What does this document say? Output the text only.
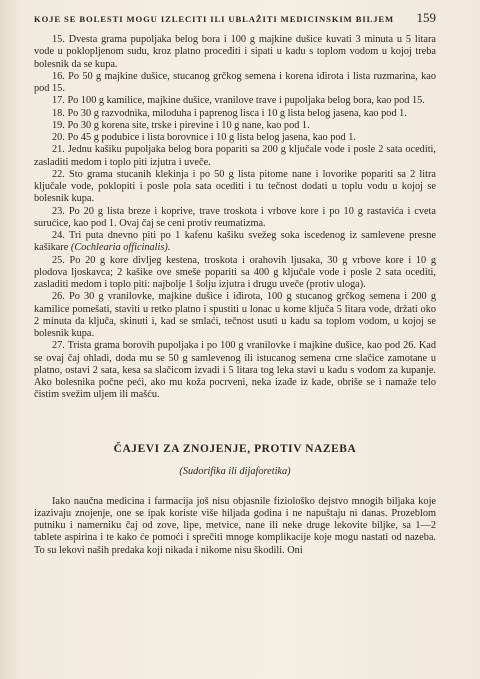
KOJE SE BOLESTI MOGU IZLECITI ILI UBLAŽITI MEDICINSKIM BILJEM 159

15. Dvesta grama pupoljaka belog bora i 100 g majkine dušice kuvati 3 minuta u 5 litara vode u poklopljenom sudu, kroz platno proceđiti i sipati u kadu s toplom vodom u kojoj treba bolesnik da se kupa.

16. Po 50 g majkine dušice, stucanog grčkog semena i korena iđirota i lista ruzmarina, kao pod 15.

17. Po 100 g kamilice, majkine dušice, vranilove trave i pupoljaka belog bora, kao pod 15.

18. Po 30 g razvodnika, miloduha i paprenog lisca i 10 g lista belog jasena, kao pod 1.

19. Po 30 g korena site, trske i pirevine i 10 g nane, kao pod 1.

20. Po 45 g podubice i lista borovnice i 10 g lista belog jasena, kao pod 1.

21. Jednu kašiku pupoljaka belog bora popariti sa 200 g ključale vode i posle 2 sata oceditі, zasladiti medom i toplo piti izjutra i uveče.

22. Sto grama stucanih klekinja i po 50 g lista pitome nane i lovorike popariti sa 2 litra ključale vode, poklopiti i posle pola sata oceditі i tu tečnost dodati u toplu vodu u kojoj se bolesnik kupa.

23. Po 20 g lista breze i koprive, trave troskota i vrbove kore i po 10 g rastavića i cveta surućice, kao pod 1. Ovaj čaj se ceni protiv reumatizma.

24. Tri puta dnevno piti po 1 kafenu kašiku svežeg soka iscedenog iz samlevene presne kašikare (Cochlearia officinalis).

25. Po 20 g kore divljeg kestena, troskota i orahovih ljusaka, 30 g vrbove kore i 10 g plodova ljoskavca; 2 kašike ove smeše popariti sa 400 g ključale vode i posle 2 sata ocediti, zasladiti medom i toplo piti: najbolje 1 šolju izjutra i drugu uveče (protiv uloga).

26. Po 30 g vranilovke, majkine dušice i iđirota, 100 g stucanog grčkog semena i 200 g kamilice pomešati, staviti u retko platno i spustiti u lonac u kome ključa 5 litara vode, držati oko 2 minuta da ključa, skinuti i, kad se smlaći, tečnost usuti u kadu sa toplom vodom, u kojoj se bolesnik kupa.

27. Trista grama borovih pupoljaka i po 100 g vranilovke i majkine dušice, kao pod 26. Kad se ovaj čaj ohladi, doda mu se 50 g samlevenog ili istucanog semena crne slačice zamotane u platno, ostavi 2 sata, kesa sa slačicom izvadi i 5 litara tog leka stavi u kadu s vodom za kupanje. Ako bolesnika počne peći, ako mu koža pocrveni, neka izađe iz kade, obriše se i namaže telo čistim svežim uljem ili mašću.

ČAJEVI ZA ZNOJENJE, PROTIV NAZEBA

(Sudorifika ili dijaforetika)

Iako naučna medicina i farmacija još nisu objasnile fiziološko dejstvo mnogih biljaka koje izazivaju znojenje, one se ipak koriste više hiljada godina i ne napuštaju ni danas. Prozeblom putniku i namerniku čaj od zove, lipe, metvice, nane ili neke druge lekovite biljke, sa 1—2 tablete aspirina i te kako će pomoći i sprečiti mnoge komplikacije koje mogu nastati od nazeba. To su lekovi naših predaka koji nikada i nikome nisu škodili. Oni
